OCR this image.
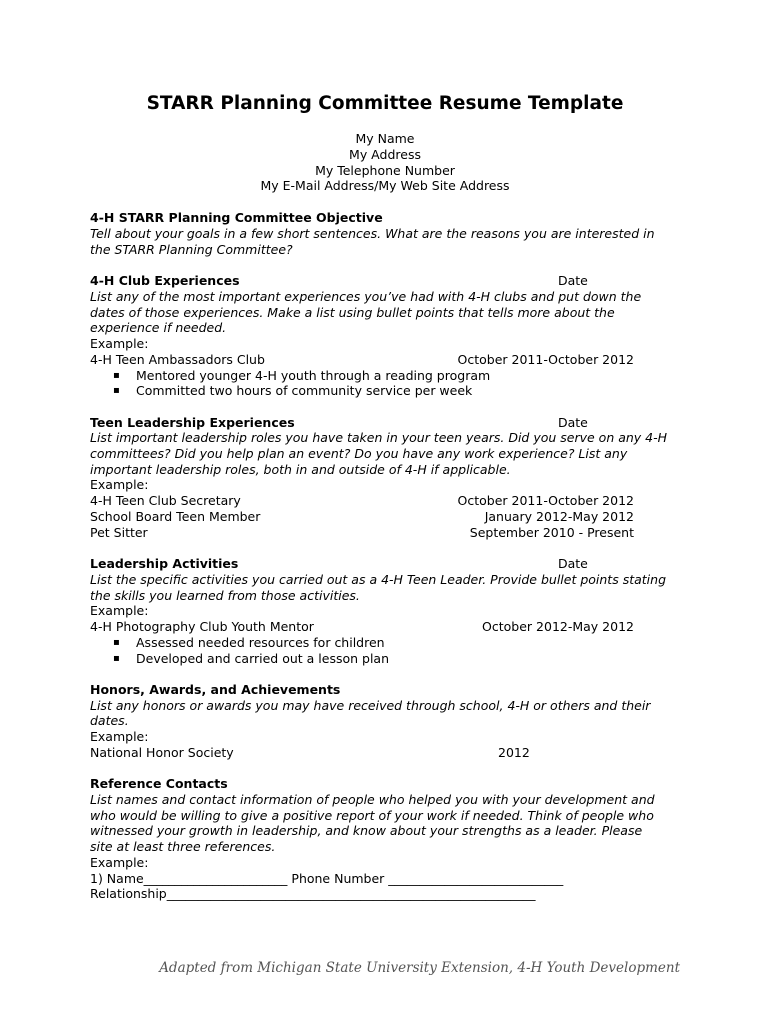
STARR Planning Committee Resume Template
My Name
My Address
My Telephone Number
My E-Mail Address/My Web Site Address
4-H STARR Planning Committee Objective
Tell about your goals in a few short sentences. What are the reasons you are interested in
the STARR Planning Committee?
4-H Club Experiences	Date
List any of the most important experiences you’ve had with 4-H clubs and put down the
dates of those experiences. Make a list using bullet points that tells more about the
experience if needed.
Example:
4-H Teen Ambassadors Club	October 2011-October 2012
▪ Mentored younger 4-H youth through a reading program
▪ Committed two hours of community service per week
Teen Leadership Experiences	Date
List important leadership roles you have taken in your teen years. Did you serve on any 4-H
committees? Did you help plan an event? Do you have any work experience? List any
important leadership roles, both in and outside of 4-H if applicable.
Example:
4-H Teen Club Secretary	October 2011-October 2012
School Board Teen Member	January 2012-May 2012
Pet Sitter	September 2010 - Present
Leadership Activities	Date
List the specific activities you carried out as a 4-H Teen Leader. Provide bullet points stating
the skills you learned from those activities.
Example:
4-H Photography Club Youth Mentor	October 2012-May 2012
▪ Assessed needed resources for children
▪ Developed and carried out a lesson plan
Honors, Awards, and Achievements
List any honors or awards you may have received through school, 4-H or others and their
dates.
Example:
National Honor Society	2012
Reference Contacts
List names and contact information of people who helped you with your development and
who would be willing to give a positive report of your work if needed. Think of people who
witnessed your growth in leadership, and know about your strengths as a leader. Please
site at least three references.
Example:
1) Name_______________________ Phone Number ____________________________
Relationship___________________________________________________________
Adapted from Michigan State University Extension, 4-H Youth Development
